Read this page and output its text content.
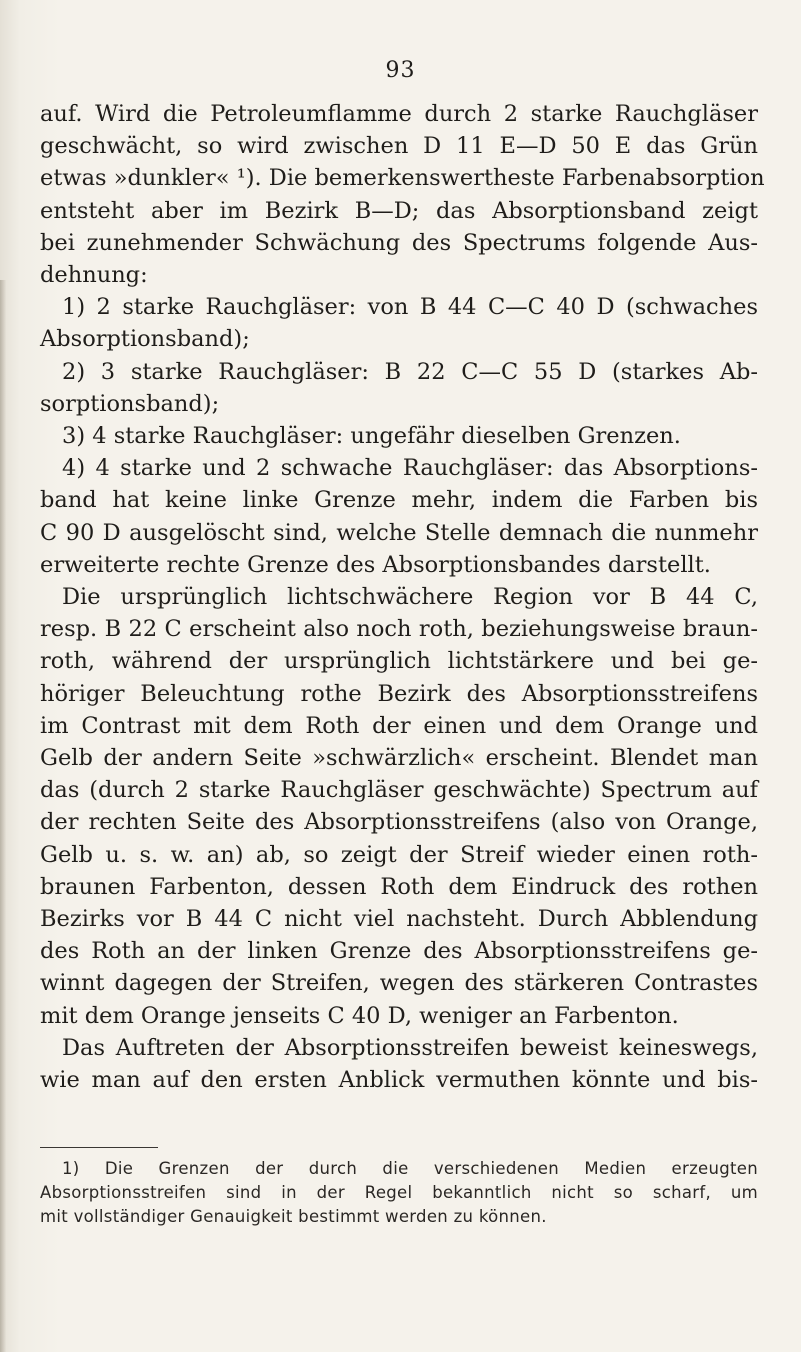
93
auf. Wird die Petroleumflamme durch 2 starke Rauchgläser
geschwächt, so wird zwischen D 11 E—D 50 E das Grün
etwas »dunkler« ¹). Die bemerkenswertheste Farbenabsorption
entsteht aber im Bezirk B—D; das Absorptionsband zeigt
bei zunehmender Schwächung des Spectrums folgende Aus-
dehnung:
1) 2 starke Rauchgläser: von B 44 C—C 40 D (schwaches
Absorptionsband);
2) 3 starke Rauchgläser: B 22 C—C 55 D (starkes Ab-
sorptionsband);
3) 4 starke Rauchgläser: ungefähr dieselben Grenzen.
4) 4 starke und 2 schwache Rauchgläser: das Absorptions-
band hat keine linke Grenze mehr, indem die Farben bis
C 90 D ausgelöscht sind, welche Stelle demnach die nunmehr
erweiterte rechte Grenze des Absorptionsbandes darstellt.
Die ursprünglich lichtschwächere Region vor B 44 C,
resp. B 22 C erscheint also noch roth, beziehungsweise braun-
roth, während der ursprünglich lichtstärkere und bei ge-
höriger Beleuchtung rothe Bezirk des Absorptionsstreifens
im Contrast mit dem Roth der einen und dem Orange und
Gelb der andern Seite »schwärzlich« erscheint. Blendet man
das (durch 2 starke Rauchgläser geschwächte) Spectrum auf
der rechten Seite des Absorptionsstreifens (also von Orange,
Gelb u. s. w. an) ab, so zeigt der Streif wieder einen roth-
braunen Farbenton, dessen Roth dem Eindruck des rothen
Bezirks vor B 44 C nicht viel nachsteht. Durch Abblendung
des Roth an der linken Grenze des Absorptionsstreifens ge-
winnt dagegen der Streifen, wegen des stärkeren Contrastes
mit dem Orange jenseits C 40 D, weniger an Farbenton.
Das Auftreten der Absorptionsstreifen beweist keineswegs,
wie man auf den ersten Anblick vermuthen könnte und bis-
1) Die Grenzen der durch die verschiedenen Medien erzeugten
Absorptionsstreifen sind in der Regel bekanntlich nicht so scharf, um
mit vollständiger Genauigkeit bestimmt werden zu können.
